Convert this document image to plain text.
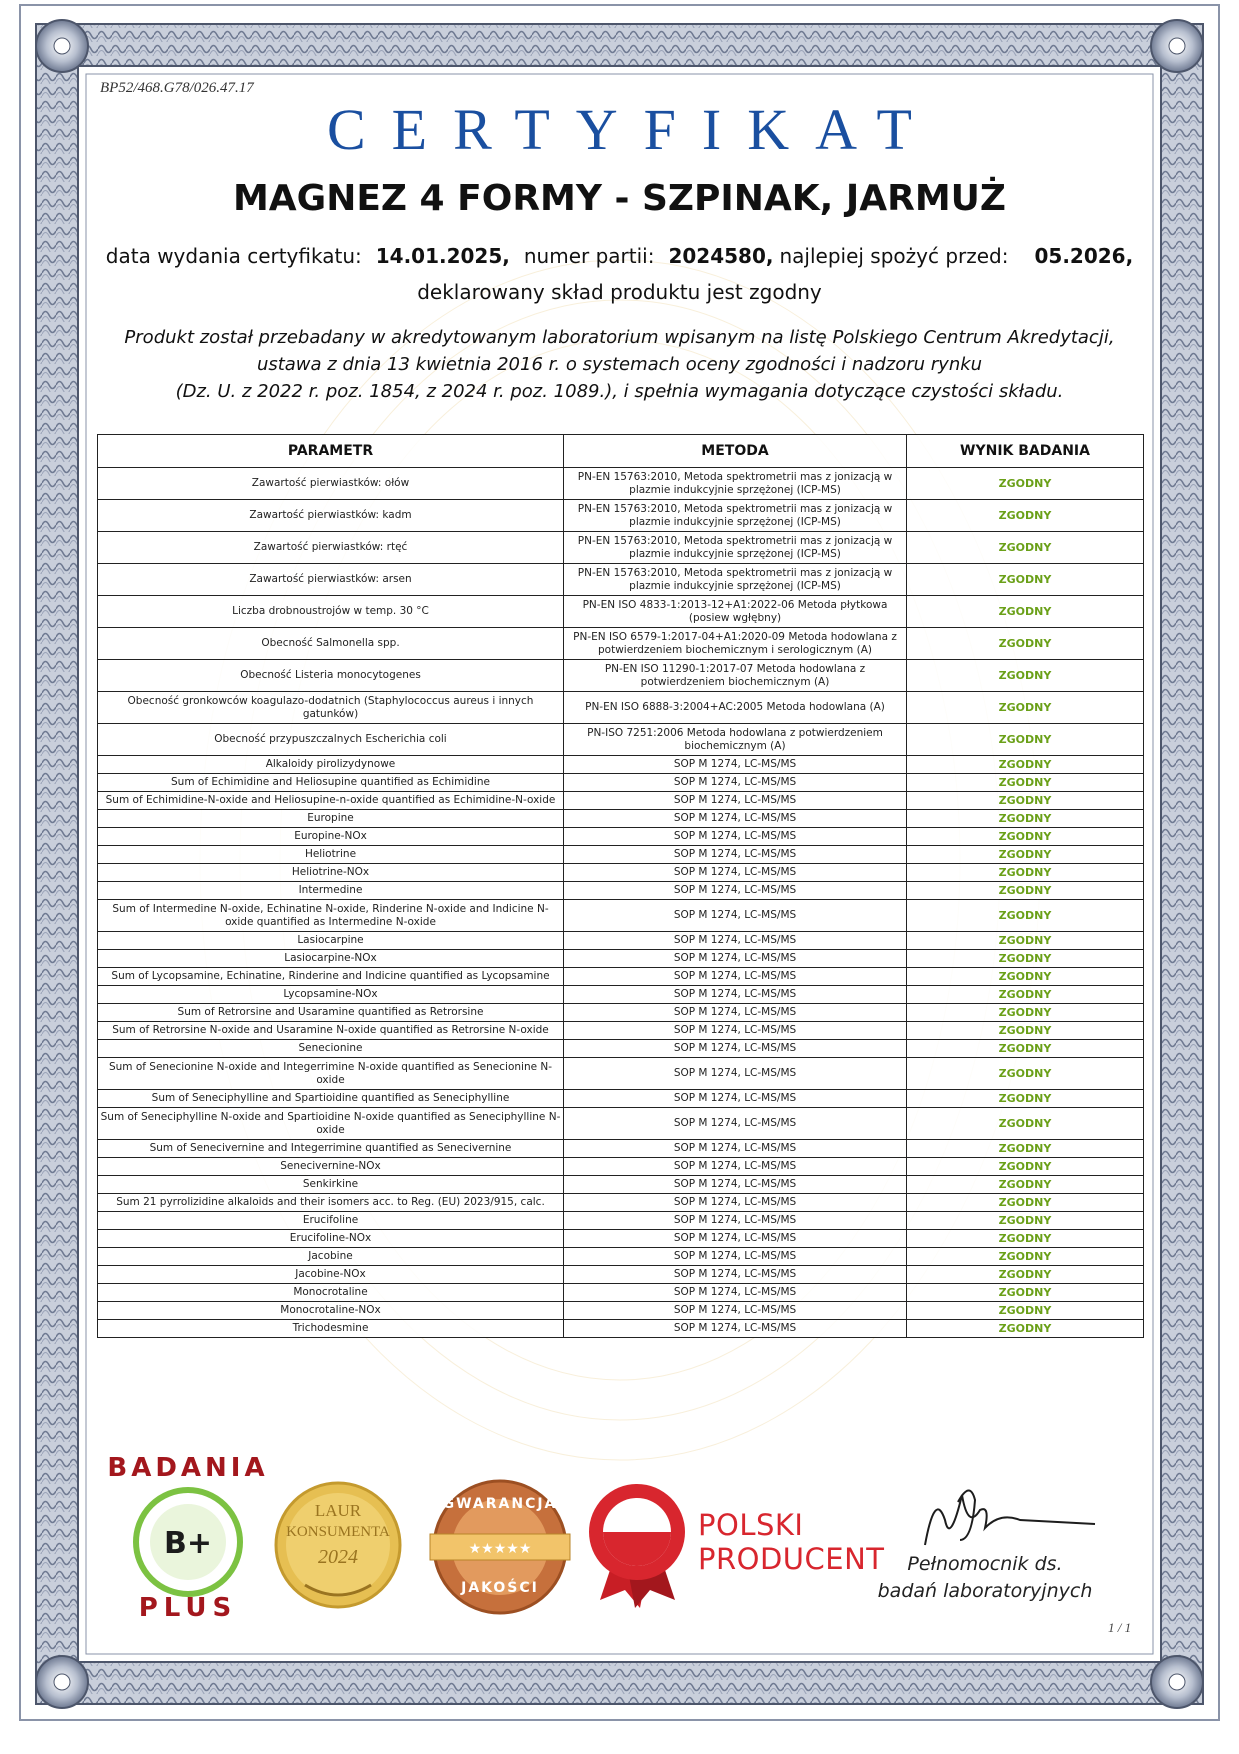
BP52/468.G78/026.47.17
CERTYFIKAT
MAGNEZ 4 FORMY - SZPINAK, JARMUŻ
data wydania certyfikatu: 14.01.2025, numer partii: 2024580, najlepiej spożyć przed: 05.2026,
deklarowany skład produktu jest zgodny
Produkt został przebadany w akredytowanym laboratorium wpisanym na listę Polskiego Centrum Akredytacji,
ustawa z dnia 13 kwietnia 2016 r. o systemach oceny zgodności i nadzoru rynku
(Dz. U. z 2022 r. poz. 1854, z 2024 r. poz. 1089.), i spełnia wymagania dotyczące czystości składu.
PARAMETR	METODA	WYNIK BADANIA
Zawartość pierwiastków: ołów	PN-EN 15763:2010, Metoda spektrometrii mas z jonizacją w plazmie indukcyjnie sprzężonej (ICP-MS)	ZGODNY
Zawartość pierwiastków: kadm	PN-EN 15763:2010, Metoda spektrometrii mas z jonizacją w plazmie indukcyjnie sprzężonej (ICP-MS)	ZGODNY
Zawartość pierwiastków: rtęć	PN-EN 15763:2010, Metoda spektrometrii mas z jonizacją w plazmie indukcyjnie sprzężonej (ICP-MS)	ZGODNY
Zawartość pierwiastków: arsen	PN-EN 15763:2010, Metoda spektrometrii mas z jonizacją w plazmie indukcyjnie sprzężonej (ICP-MS)	ZGODNY
Liczba drobnoustrojów w temp. 30 °C	PN-EN ISO 4833-1:2013-12+A1:2022-06 Metoda płytkowa (posiew wgłębny)	ZGODNY
Obecność Salmonella spp.	PN-EN ISO 6579-1:2017-04+A1:2020-09 Metoda hodowlana z potwierdzeniem biochemicznym i serologicznym (A)	ZGODNY
Obecność Listeria monocytogenes	PN-EN ISO 11290-1:2017-07 Metoda hodowlana z potwierdzeniem biochemicznym (A)	ZGODNY
Obecność gronkowców koagulazo-dodatnich (Staphylococcus aureus i innych gatunków)	PN-EN ISO 6888-3:2004+AC:2005 Metoda hodowlana (A)	ZGODNY
Obecność przypuszczalnych Escherichia coli	PN-ISO 7251:2006 Metoda hodowlana z potwierdzeniem biochemicznym (A)	ZGODNY
Alkaloidy pirolizydynowe	SOP M 1274, LC-MS/MS	ZGODNY
Sum of Echimidine and Heliosupine quantified as Echimidine	SOP M 1274, LC-MS/MS	ZGODNY
Sum of Echimidine-N-oxide and Heliosupine-n-oxide quantified as Echimidine-N-oxide	SOP M 1274, LC-MS/MS	ZGODNY
Europine	SOP M 1274, LC-MS/MS	ZGODNY
Europine-NOx	SOP M 1274, LC-MS/MS	ZGODNY
Heliotrine	SOP M 1274, LC-MS/MS	ZGODNY
Heliotrine-NOx	SOP M 1274, LC-MS/MS	ZGODNY
Intermedine	SOP M 1274, LC-MS/MS	ZGODNY
Sum of Intermedine N-oxide, Echinatine N-oxide, Rinderine N-oxide and Indicine N-oxide quantified as Intermedine N-oxide	SOP M 1274, LC-MS/MS	ZGODNY
Lasiocarpine	SOP M 1274, LC-MS/MS	ZGODNY
Lasiocarpine-NOx	SOP M 1274, LC-MS/MS	ZGODNY
Sum of Lycopsamine, Echinatine, Rinderine and Indicine quantified as Lycopsamine	SOP M 1274, LC-MS/MS	ZGODNY
Lycopsamine-NOx	SOP M 1274, LC-MS/MS	ZGODNY
Sum of Retrorsine and Usaramine quantified as Retrorsine	SOP M 1274, LC-MS/MS	ZGODNY
Sum of Retrorsine N-oxide and Usaramine N-oxide quantified as Retrorsine N-oxide	SOP M 1274, LC-MS/MS	ZGODNY
Senecionine	SOP M 1274, LC-MS/MS	ZGODNY
Sum of Senecionine N-oxide and Integerrimine N-oxide quantified as Senecionine N-oxide	SOP M 1274, LC-MS/MS	ZGODNY
Sum of Seneciphylline and Spartioidine quantified as Seneciphylline	SOP M 1274, LC-MS/MS	ZGODNY
Sum of Seneciphylline N-oxide and Spartioidine N-oxide quantified as Seneciphylline N-oxide	SOP M 1274, LC-MS/MS	ZGODNY
Sum of Senecivernine and Integerrimine quantified as Senecivernine	SOP M 1274, LC-MS/MS	ZGODNY
Senecivernine-NOx	SOP M 1274, LC-MS/MS	ZGODNY
Senkirkine	SOP M 1274, LC-MS/MS	ZGODNY
Sum 21 pyrrolizidine alkaloids and their isomers acc. to Reg. (EU) 2023/915, calc.	SOP M 1274, LC-MS/MS	ZGODNY
Erucifoline	SOP M 1274, LC-MS/MS	ZGODNY
Erucifoline-NOx	SOP M 1274, LC-MS/MS	ZGODNY
Jacobine	SOP M 1274, LC-MS/MS	ZGODNY
Jacobine-NOx	SOP M 1274, LC-MS/MS	ZGODNY
Monocrotaline	SOP M 1274, LC-MS/MS	ZGODNY
Monocrotaline-NOx	SOP M 1274, LC-MS/MS	ZGODNY
Trichodesmine	SOP M 1274, LC-MS/MS	ZGODNY
B+
BADANIA
PLUS
LAUR
KONSUMENTA
2024	★★★★★
GWARANCJA
JAKOŚCI
POLSKI
PRODUCENT	Pełnomocnik ds.
badań laboratoryjnych
1 / 1
